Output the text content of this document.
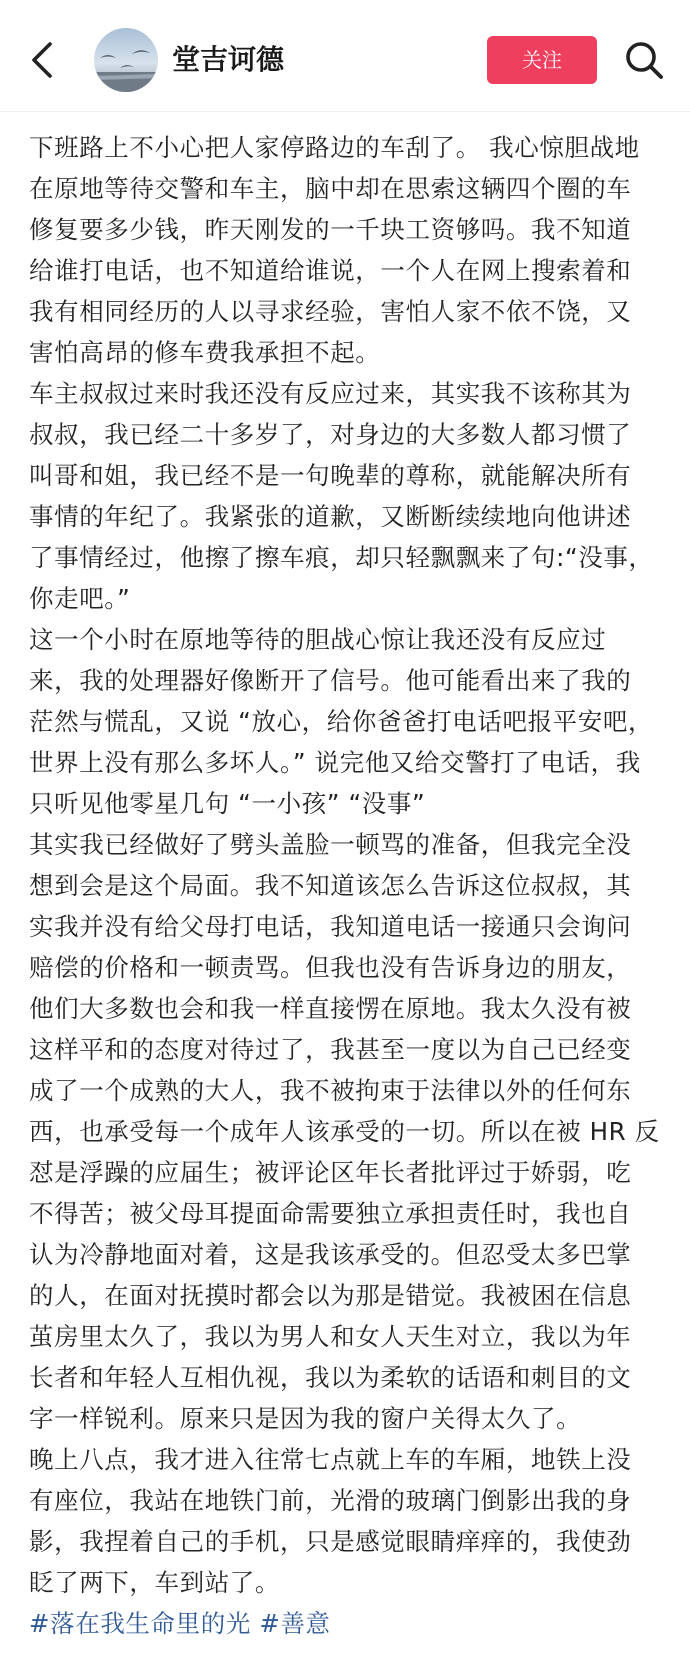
堂吉诃德	关注
下班路上不小心把人家停路边的车刮了。 我心惊胆战地
在原地等待交警和车主，脑中却在思索这辆四个圈的车
修复要多少钱，昨天刚发的一千块工资够吗。我不知道
给谁打电话，也不知道给谁说，一个人在网上搜索着和
我有相同经历的人以寻求经验，害怕人家不依不饶，又
害怕高昂的修车费我承担不起。
车主叔叔过来时我还没有反应过来，其实我不该称其为
叔叔，我已经二十多岁了，对身边的大多数人都习惯了
叫哥和姐，我已经不是一句晚辈的尊称，就能解决所有
事情的年纪了。我紧张的道歉，又断断续续地向他讲述
了事情经过，他擦了擦车痕，却只轻飘飘来了句:“没事，
你走吧。”
这一个小时在原地等待的胆战心惊让我还没有反应过
来，我的处理器好像断开了信号。他可能看出来了我的
茫然与慌乱，又说 “放心，给你爸爸打电话吧报平安吧，
世界上没有那么多坏人。” 说完他又给交警打了电话，我
只听见他零星几句 “一小孩” “没事”
其实我已经做好了劈头盖脸一顿骂的准备，但我完全没
想到会是这个局面。我不知道该怎么告诉这位叔叔，其
实我并没有给父母打电话，我知道电话一接通只会询问
赔偿的价格和一顿责骂。但我也没有告诉身边的朋友，
他们大多数也会和我一样直接愣在原地。我太久没有被
这样平和的态度对待过了，我甚至一度以为自己已经变
成了一个成熟的大人，我不被拘束于法律以外的任何东
西，也承受每一个成年人该承受的一切。所以在被 HR 反
怼是浮躁的应届生；被评论区年长者批评过于娇弱，吃
不得苦；被父母耳提面命需要独立承担责任时，我也自
认为冷静地面对着，这是我该承受的。但忍受太多巴掌
的人，在面对抚摸时都会以为那是错觉。我被困在信息
茧房里太久了，我以为男人和女人天生对立，我以为年
长者和年轻人互相仇视，我以为柔软的话语和刺目的文
字一样锐利。原来只是因为我的窗户关得太久了。
晚上八点，我才进入往常七点就上车的车厢，地铁上没
有座位，我站在地铁门前，光滑的玻璃门倒影出我的身
影，我捏着自己的手机，只是感觉眼睛痒痒的，我使劲
眨了两下，车到站了。
#落在我生命里的光 #善意
